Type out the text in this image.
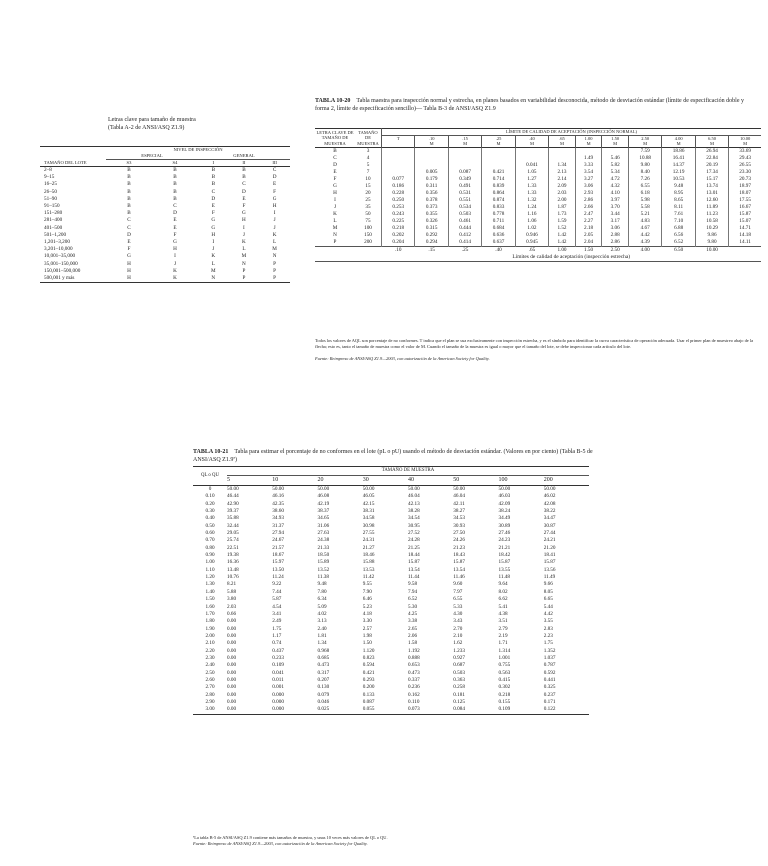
Letras clave para tamaño de muestra
(Tabla A-2 de ANSI/ASQ Z1.9)
	NIVEL DE INSPECCIÓN				
	ESPECIAL		GENERAL		
TAMAÑO DEL LOTE	S3	S4	I	II	III
2–8	B	B	B	B	C
9–15	B	B	B	B	D
16–25	B	B	B	C	E
26–50	B	B	C	D	F
51–90	B	B	D	E	G
91–150	B	C	E	F	H
151–280	B	D	F	G	I
281–400	C	E	G	H	J
401–500	C	E	G	I	J
501–1,200	D	F	H	J	K
1,201–3,200	E	G	I	K	L
3,201–10,000	F	H	J	L	M
10,001–35,000	G	I	K	M	N
35,001–150,000	H	J	L	N	P
150,001–500,000	H	K	M	P	P
500,001 y más	H	K	N	P	P
TABLA 10-20 Tabla maestra para inspección normal y estrecha, en planes basados en variabilidad desconocida, método de desviación estándar (límite de especificación doble y forma 2, límite de especificación sencillo)— Tabla B-3 de ANSI/ASQ Z1.9
LETRA CLAVE DE TAMAÑO DE MUESTRA	TAMAÑO DE MUESTRA	LÍMITE DE CALIDAD DE ACEPTACIÓN (INSPECCIÓN NORMAL)											
		T	.10	.15	.25	.40	.65	1.00	1.50	2.50	4.00	6.50	10.00
			M	M	M	M	M	M	M	M	M	M	M
B	3									7.59	18.86	26.94	33.69
C	4							1.49	5.46	10.88	16.41	22.84	29.43
D	5					0.041	1.34	3.33	5.82	9.80	14.37	20.19	26.55
E	7		0.005	0.087	0.421	1.05	2.13	3.54	5.34	8.40	12.19	17.34	23.30
F	10	0.077	0.179	0.349	0.714	1.27	2.14	3.27	4.72	7.26	10.53	15.17	20.73
G	15	0.186	0.311	0.491	0.839	1.33	2.09	3.06	4.32	6.55	9.48	13.74	18.97
H	20	0.228	0.356	0.531	0.864	1.33	2.03	2.93	4.10	6.18	8.95	13.01	18.07
I	25	0.250	0.378	0.551	0.874	1.32	2.00	2.86	3.97	5.98	8.65	12.60	17.55
J	35	0.253	0.373	0.534	0.833	1.24	1.87	2.66	3.70	5.58	8.11	11.89	16.67
K	50	0.243	0.355	0.503	0.778	1.16	1.73	2.47	3.44	5.21	7.61	11.23	15.87
L	75	0.225	0.326	0.461	0.711	1.06	1.59	2.27	3.17	4.83	7.10	10.58	15.07
M	100	0.218	0.315	0.444	0.684	1.02	1.52	2.18	3.06	4.67	6.88	10.29	14.71
N	150	0.202	0.292	0.412	0.636	0.946	1.42	2.05	2.88	4.42	6.56	9.86	14.18
P	200	0.204	0.294	0.414	0.637	0.945	1.42	2.04	2.86	4.39	6.52	9.80	14.11
		.10	.15	.25	.40	.65	1.00	1.50	2.50	4.00	6.50	10.00	
		Límites de calidad de aceptación (inspección estrecha)											
Todos los valores de AQL son porcentaje de no conformes. T indica que el plan se usa exclusivamente con inspección estrecha, y es el símbolo para identificar la curva característica de operación adecuada. Usar el primer plan de muestreo abajo de la flecha; esto es, tanto el tamaño de muestra como el valor de M. Cuando el tamaño de la muestra es igual o mayor que el tamaño del lote, se debe inspeccionar cada artículo del lote.
Fuente: Reimpreso de ANSI/ASQ Z1.9—2003, con autorización de la American Society for Quality.
TABLA 10-21 Tabla para estimar el porcentaje de no conformes en el lote (pL o pU) usando el método de desviación estándar. (Valores en por ciento) (Tabla B-5 de ANSI/ASQ Z1.9ª)
QL o QU	TAMAÑO DE MUESTRA							
	5	10	20	30	40	50	100	200
0	50.00	50.00	50.00	50.00	50.00	50.00	50.00	50.00
0.10	46.44	46.16	46.08	46.05	46.04	46.04	46.03	46.02
0.20	42.90	42.35	42.19	42.15	42.13	42.11	42.09	42.08
0.30	39.37	38.60	38.37	38.31	38.28	38.27	38.24	38.22
0.40	35.88	34.93	34.65	34.58	34.54	34.53	34.49	34.47
0.50	32.44	31.37	31.06	30.98	30.95	30.93	30.89	30.87
0.60	29.05	27.94	27.63	27.55	27.52	27.50	27.46	27.44
0.70	25.74	24.67	24.38	24.31	24.28	24.26	24.23	24.21
0.80	22.51	21.57	21.33	21.27	21.25	21.23	21.21	21.20
0.90	19.38	18.67	18.50	18.46	18.44	18.43	18.42	18.41
1.00	16.36	15.97	15.89	15.88	15.87	15.87	15.87	15.87
1.10	13.48	13.50	13.52	13.53	13.54	13.54	13.55	13.56
1.20	10.76	11.24	11.38	11.42	11.44	11.46	11.48	11.49
1.30	8.21	9.22	9.48	9.55	9.58	9.60	9.64	9.66
1.40	5.88	7.44	7.80	7.90	7.94	7.97	8.02	8.05
1.50	3.80	5.87	6.34	6.46	6.52	6.55	6.62	6.65
1.60	2.03	4.54	5.09	5.23	5.30	5.33	5.41	5.44
1.70	0.66	3.41	4.02	4.18	4.25	4.30	4.38	4.42
1.80	0.00	2.49	3.13	3.30	3.38	3.43	3.51	3.55
1.90	0.00	1.75	2.40	2.57	2.65	2.70	2.79	2.83
2.00	0.00	1.17	1.81	1.98	2.06	2.10	2.19	2.23
2.10	0.00	0.74	1.34	1.50	1.58	1.62	1.71	1.75
2.20	0.00	0.437	0.968	1.120	1.192	1.233	1.314	1.352
2.30	0.00	0.233	0.685	0.823	0.888	0.927	1.001	1.037
2.40	0.00	0.109	0.473	0.594	0.653	0.687	0.755	0.787
2.50	0.00	0.041	0.317	0.421	0.473	0.503	0.563	0.592
2.60	0.00	0.011	0.207	0.293	0.337	0.363	0.415	0.441
2.70	0.00	0.001	0.130	0.200	0.236	0.258	0.302	0.325
2.80	0.00	0.000	0.079	0.133	0.162	0.181	0.218	0.237
2.90	0.00	0.000	0.046	0.087	0.110	0.125	0.155	0.171
3.00	0.00	0.000	0.025	0.055	0.073	0.084	0.109	0.122
ªLa tabla B-5 de ANSI/ASQ Z1.9 contiene más tamaños de muestra, y unas 10 veces más valores de QL o QU.
Fuente: Reimpreso de ANSI/ASQ Z1.9—2003, con autorización de la American Society for Quality.
